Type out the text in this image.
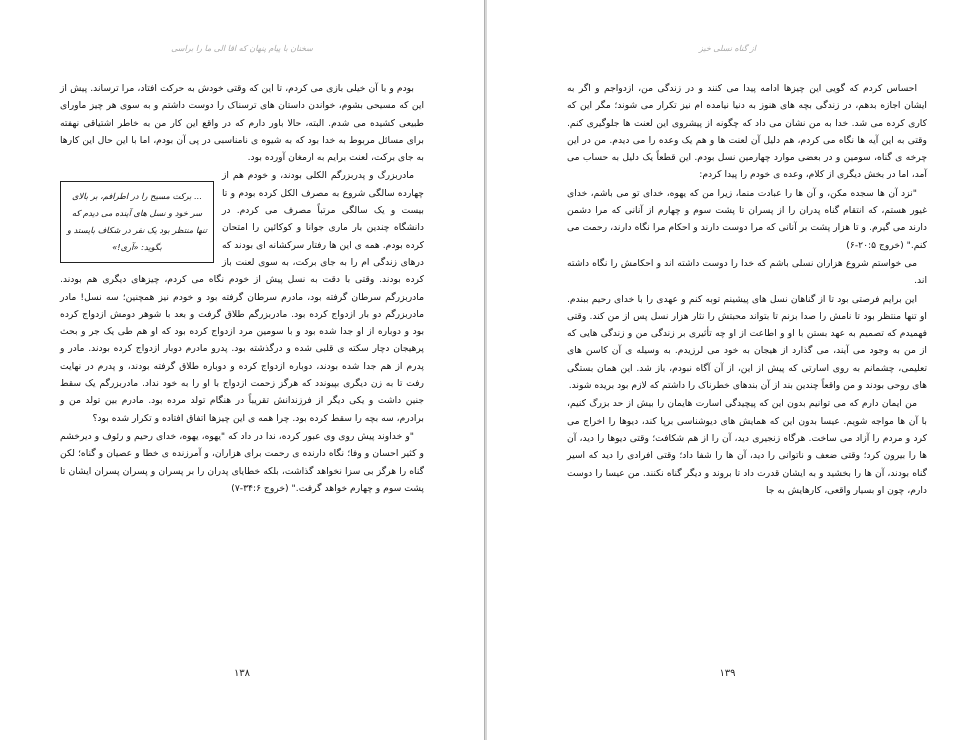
سخنان با پیام پنهان که اقا الی ما را براسی

بودم و با آن خیلی بازی می کردم، تا این که وقتی خودش به حرکت افتاد، مرا ترساند. پیش از این که مسیحی بشوم، خواندن داستان های ترسناک را دوست داشتم و به سوی هر چیز ماورای طبیعی کشیده می شدم. البته، حالا باور دارم که در واقع این کار من به خاطر اشتیاقی نهفته برای مسائل مربوط به خدا بود که به شیوه ی نامناسبی در پی آن بودم، اما با این حال این کارها به جای برکت، لعنت برایم به ارمغان آورده بود.

... برکت مسیح را در اطرافم، بر بالای سر خود و نسل های آینده می دیدم که تنها منتظر بود یک نفر در شکاف بایستد و بگوید: «آری!»

مادربزرگ و پدربزرگم الکلی بودند، و خودم هم از چهارده سالگی شروع به مصرف الکل کرده بودم و تا بیست و یک سالگی مرتباً مصرف می کردم. در دانشگاه چندین بار ماری جوانا و کوکائین را امتحان کرده بودم. همه ی این ها رفتار سرکشانه ای بودند که درهای زندگی ام را به جای برکت، به سوی لعنت باز کرده بودند. وقتی با دقت به نسل پیش از خودم نگاه می کردم، چیزهای دیگری هم بودند. مادربزرگم سرطان گرفته بود، مادرم سرطان گرفته بود و خودم نیز همچنین؛ سه نسل! مادر مادربزرگم دو بار ازدواج کرده بود. مادربزرگم طلاق گرفت و بعد با شوهر دومش ازدواج کرده بود و دوباره از او جدا شده بود و با سومین مرد ازدواج کرده بود که او هم طی یک جر و بحث پرهیجان دچار سکته ی قلبی شده و درگذشته بود. پدرو مادرم دوبار ازدواج کرده بودند. مادر و پدرم از هم جدا شده بودند، دوباره ازدواج کرده و دوباره طلاق گرفته بودند، و پدرم در نهایت رفت تا به زن دیگری بپیوندد که هرگز زحمت ازدواج با او را به خود نداد. مادربزرگم یک سقط جنین داشت و یکی دیگر از فرزندانش تقریباً در هنگام تولد مرده بود. مادرم بین تولد من و برادرم، سه بچه را سقط کرده بود. چرا همه ی این چیزها اتفاق افتاده و تکرار شده بود؟

"و خداوند پیش روی وی عبور کرده، ندا در داد که "یهوه، یهوه، خدای رحیم و رئوف و دیرخشم و کثیر احسان و وفا؛ نگاه دارنده ی رحمت برای هزاران، و آمرزنده ی خطا و عصیان و گناه؛ لکن گناه را هرگز بی سزا نخواهد گذاشت، بلکه خطایای پدران را بر پسران و پسران پسران ایشان تا پشت سوم و چهارم خواهد گرفت." (خروج ۳۴:۶-۷)

۱۳۸
از گناه نسلی خیز

احساس کردم که گویی این چیزها ادامه پیدا می کنند و در زندگی من، ازدواجم و اگر به ایشان اجازه بدهم، در زندگی بچه های هنوز به دنیا نیامده ام نیز تکرار می شوند؛ مگر این که کاری کرده می شد. خدا به من نشان می داد که چگونه از پیشروی این لعنت ها جلوگیری کنم. وقتی به این آیه ها نگاه می کردم، هم دلیل آن لعنت ها و هم یک وعده را می دیدم. من در این چرخه ی گناه، سومین و در بعضی موارد چهارمین نسل بودم. این قطعاً یک دلیل به حساب می آمد، اما در بخش دیگری از کلام، وعده ی خودم را پیدا کردم:

"نزد آن ها سجده مکن، و آن ها را عبادت منما، زیرا من که یهوه، خدای تو می باشم، خدای غیور هستم، که انتقام گناه پدران را از پسران تا پشت سوم و چهارم از آنانی که مرا دشمن دارند می گیرم. و تا هزار پشت بر آنانی که مرا دوست دارند و احکام مرا نگاه دارند، رحمت می کنم." (خروج ۲۰:۵-۶)

می خواستم شروع هزاران نسلی باشم که خدا را دوست داشته اند و احکامش را نگاه داشته اند.

این برایم فرصتی بود تا از گناهان نسل های پیشینم توبه کنم و عهدی را با خدای رحیم ببندم. او تنها منتظر بود تا نامش را صدا بزنم تا بتواند محبتش را نثار هزار نسل پس از من کند. وقتی فهمیدم که تصمیم به عهد بستن با او و اطاعت از او چه تأثیری بر زندگی من و زندگی هایی که از من به وجود می آیند، می گذارد از هیجان به خود می لرزیدم. به وسیله ی آن کاسن های تعلیمی، چشمانم به روی اسارتی که پیش از این، از آن آگاه نبودم، باز شد. این همان بستگی های روحی بودند و من واقعاً چندین بند از آن بندهای خطرناک را داشتم که لازم بود بریده شوند.

من ایمان دارم که می توانیم بدون این که پیچیدگی اسارت هایمان را بیش از حد بزرگ کنیم، با آن ها مواجه شویم. عیسا بدون این که همایش های دیوشناسی برپا کند، دیوها را اخراج می کرد و مردم را آزاد می ساخت. هرگاه زنجیری دید، آن را از هم شکافت؛ وقتی دیوها را دید، آن ها را بیرون کرد؛ وقتی ضعف و ناتوانی را دید، آن ها را شفا داد؛ وقتی افرادی را دید که اسیر گناه بودند، آن ها را بخشید و به ایشان قدرت داد تا بروند و دیگر گناه نکنند. من عیسا را دوست دارم، چون او بسیار واقعی، کارهایش به جا

۱۳۹
